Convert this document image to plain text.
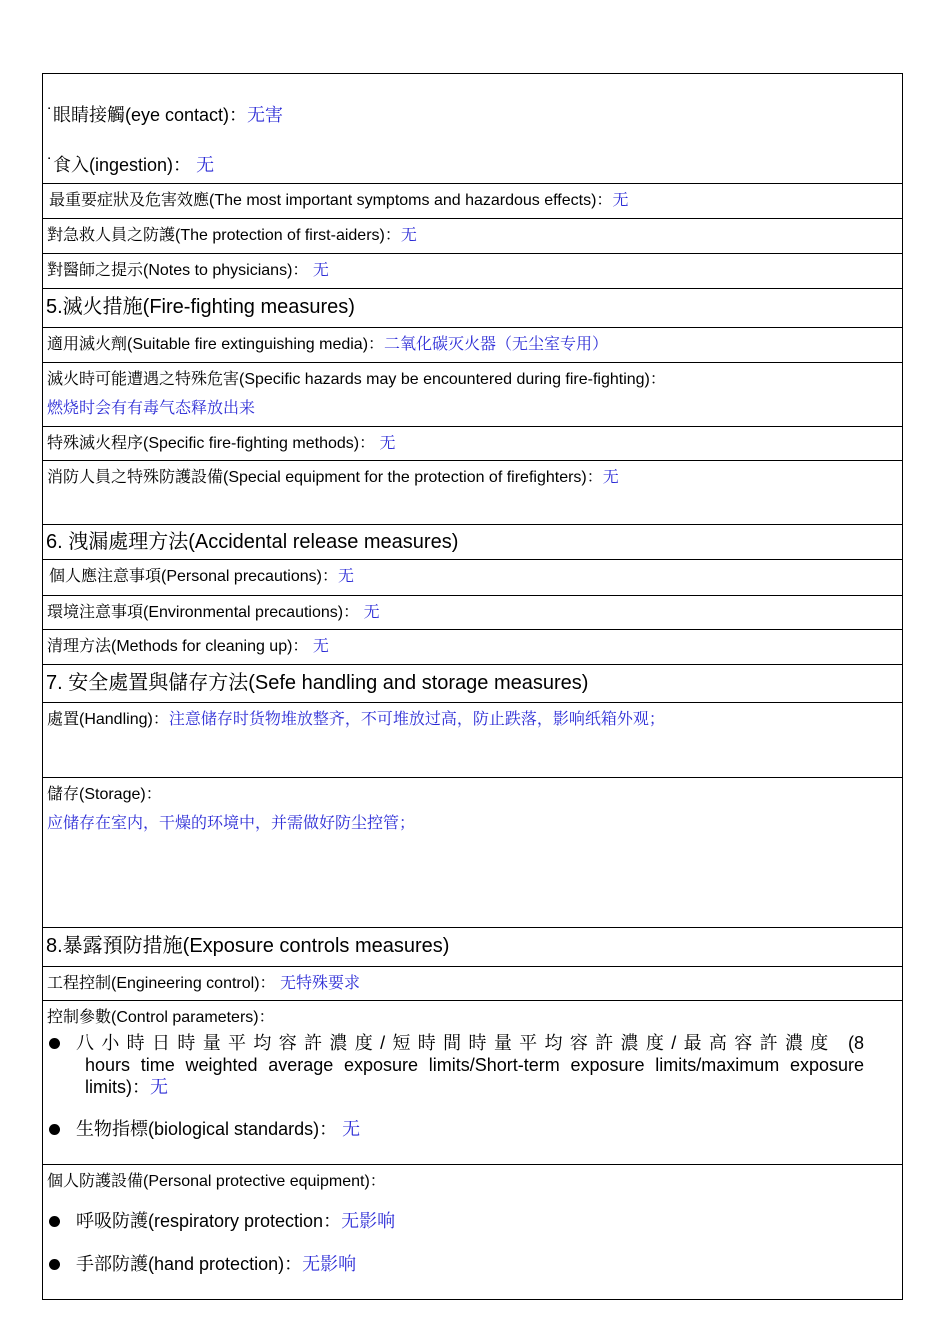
˙眼睛接觸(eye contact)：无害
˙食入(ingestion)： 无
最重要症狀及危害效應(The most important symptoms and hazardous effects)：无
對急救人員之防護(The protection of first-aiders)：无
對醫師之提示(Notes to physicians)： 无
5.滅火措施(Fire-fighting measures)
適用滅火劑(Suitable fire extinguishing media)：二氧化碳灭火器（无尘室专用）
滅火時可能遭遇之特殊危害(Specific hazards may be encountered during fire-fighting)：
燃烧时会有有毒气态释放出来
特殊滅火程序(Specific fire-fighting methods)： 无
消防人員之特殊防護設備(Special equipment for the protection of firefighters)：无
6. 洩漏處理方法(Accidental release measures)
個人應注意事項(Personal precautions)：无
環境注意事項(Environmental precautions)： 无
清理方法(Methods for cleaning up)： 无
7. 安全處置與儲存方法(Sefe handling and storage measures)
處置(Handling)：注意储存时货物堆放整齐，不可堆放过高，防止跌落，影响纸箱外观；
儲存(Storage)：
应储存在室内，干燥的环境中，并需做好防尘控管；
8.暴露預防措施(Exposure controls measures)
工程控制(Engineering control)： 无特殊要求
控制參數(Control parameters)：
八小時日時量平均容許濃度/短時間時量平均容許濃度/最高容許濃度 (8
hours time weighted average exposure limits/Short-term exposure limits/maximum exposure
limits)：无
生物指標(biological standards)： 无
個人防護設備(Personal protective equipment)：
呼吸防護(respiratory protection：无影响
手部防護(hand protection)：无影响
